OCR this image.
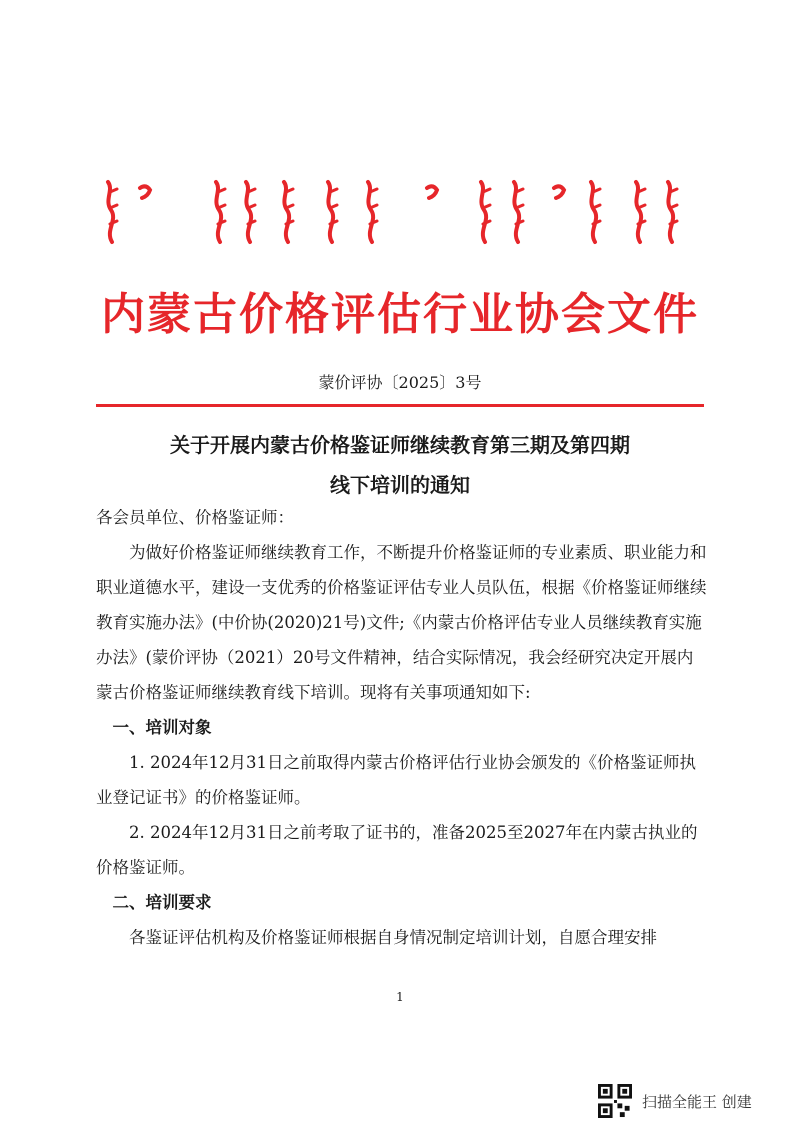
内蒙古价格评估行业协会文件
蒙价评协〔2025〕3号
关于开展内蒙古价格鉴证师继续教育第三期及第四期
线下培训的通知

各会员单位、价格鉴证师：

为做好价格鉴证师继续教育工作，不断提升价格鉴证师的专业素质、职业能力和职业道德水平，建设一支优秀的价格鉴证评估专业人员队伍，根据《价格鉴证师继续教育实施办法》(中价协(2020)21号)文件;《内蒙古价格评估专业人员继续教育实施办法》(蒙价评协（2021）20号文件精神，结合实际情况，我会经研究决定开展内蒙古价格鉴证师继续教育线下培训。现将有关事项通知如下:

一、培训对象

1. 2024年12月31日之前取得内蒙古价格评估行业协会颁发的《价格鉴证师执业登记证书》的价格鉴证师。

2. 2024年12月31日之前考取了证书的，准备2025至2027年在内蒙古执业的价格鉴证师。

二、培训要求

各鉴证评估机构及价格鉴证师根据自身情况制定培训计划，自愿合理安排

1
扫描全能王 创建
